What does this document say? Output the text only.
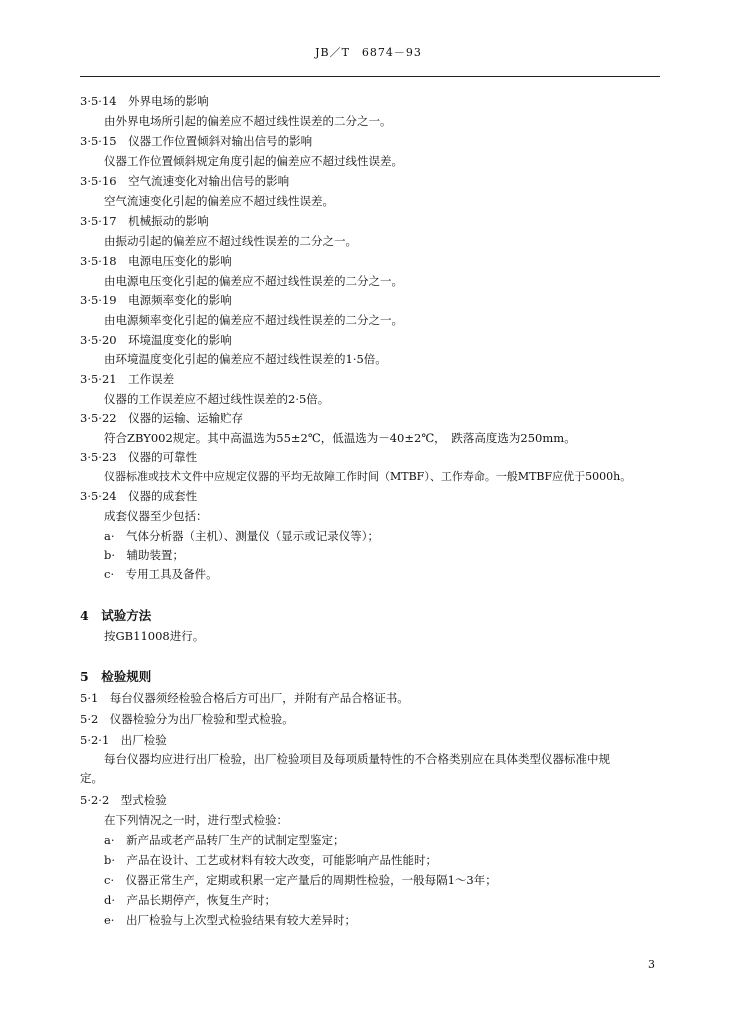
JB／T　6874－93
3·5·14　外界电场的影响
由外界电场所引起的偏差应不超过线性误差的二分之一。
3·5·15　仪器工作位置倾斜对输出信号的影响
仪器工作位置倾斜规定角度引起的偏差应不超过线性误差。
3·5·16　空气流速变化对输出信号的影响
空气流速变化引起的偏差应不超过线性误差。
3·5·17　机械振动的影响
由振动引起的偏差应不超过线性误差的二分之一。
3·5·18　电源电压变化的影响
由电源电压变化引起的偏差应不超过线性误差的二分之一。
3·5·19　电源频率变化的影响
由电源频率变化引起的偏差应不超过线性误差的二分之一。
3·5·20　环境温度变化的影响
由环境温度变化引起的偏差应不超过线性误差的1·5倍。
3·5·21　工作误差
仪器的工作误差应不超过线性误差的2·5倍。
3·5·22　仪器的运输、运输贮存
符合ZBY002规定。其中高温选为55±2℃，低温选为－40±2℃，　跌落高度选为250mm。
3·5·23　仪器的可靠性
仪器标准或技术文件中应规定仪器的平均无故障工作时间（MTBF）、工作寿命。一般MTBF应优于5000h。
3·5·24　仪器的成套性
成套仪器至少包括：
a·　气体分析器（主机）、测量仪（显示或记录仪等）；
b·　辅助装置；
c·　专用工具及备件。
4　试验方法
按GB11008进行。
5　检验规则
5·1　每台仪器须经检验合格后方可出厂，并附有产品合格证书。
5·2　仪器检验分为出厂检验和型式检验。
5·2·1　出厂检验
每台仪器均应进行出厂检验，出厂检验项目及每项质量特性的不合格类别应在具体类型仪器标准中规
定。
5·2·2　型式检验
在下列情况之一时，进行型式检验：
a·　新产品或老产品转厂生产的试制定型鉴定；
b·　产品在设计、工艺或材料有较大改变，可能影响产品性能时；
c·　仪器正常生产，定期或积累一定产量后的周期性检验，一般每隔1～3年；
d·　产品长期停产，恢复生产时；
e·　出厂检验与上次型式检验结果有较大差异时；
3
